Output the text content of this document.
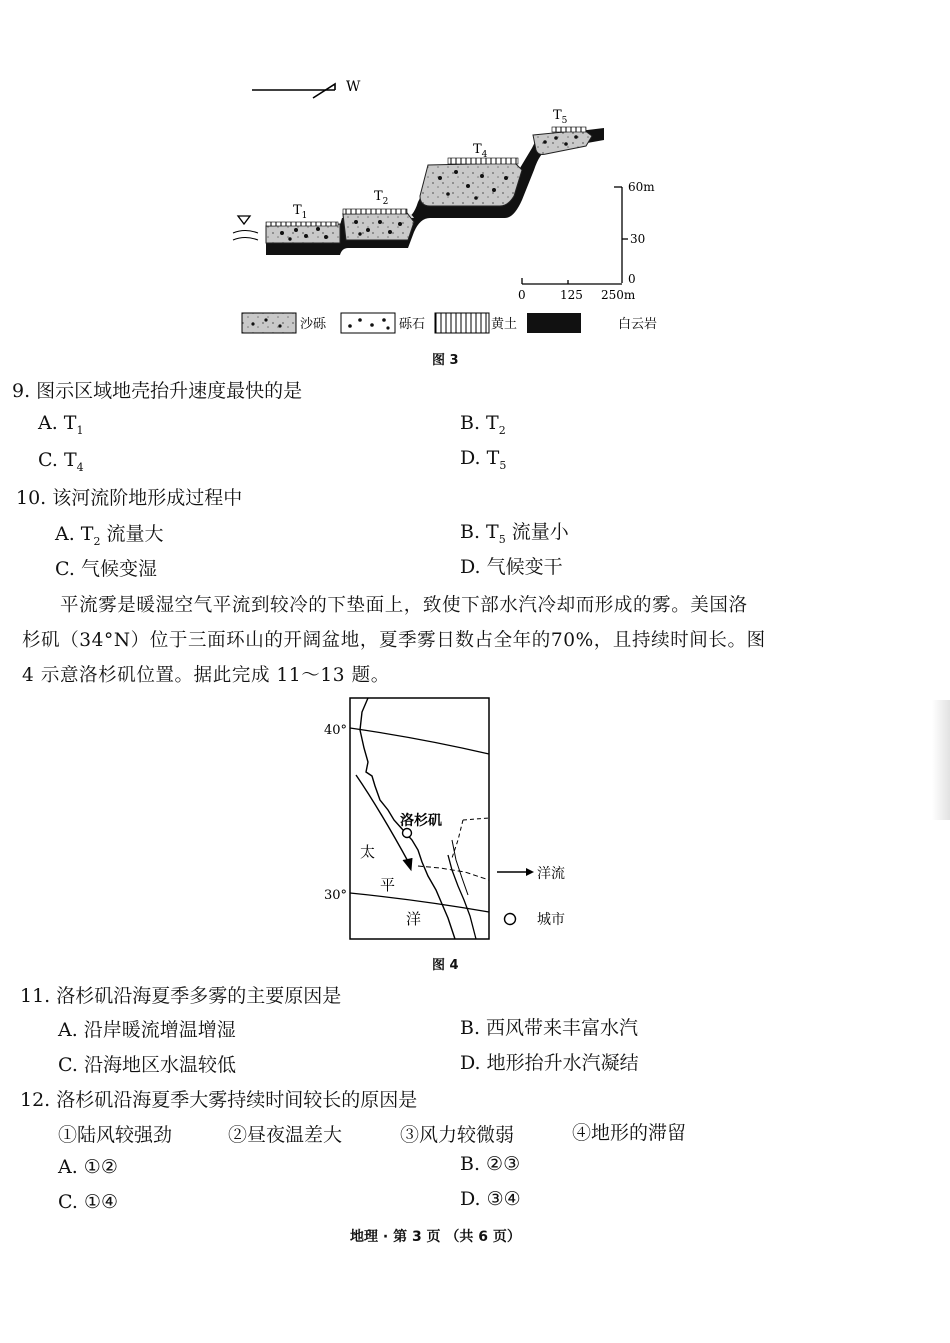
W
$T_1$
$T_2$
$T_4$
$T_5$
60m
30
0
0	125 250m
沙砾	砾石	黄土	白云岩
图 3
9. 图示区域地壳抬升速度最快的是
A. $T_1$	B. $T_2$
C. $T_4$	D. $T_5$
10. 该河流阶地形成过程中
A. $T_2$ 流量大	B. $T_5$ 流量小
C. 气候变湿	D. 气候变干
平流雾是暖湿空气平流到较冷的下垫面上，致使下部水汽冷却而形成的雾。美国洛
杉矶（34°N）位于三面环山的开阔盆地，夏季雾日数占全年的70%，且持续时间长。图
4 示意洛杉矶位置。据此完成 11～13 题。
洛杉矶
太
平
洋
40°
30°
洋流
城市
图 4
11. 洛杉矶沿海夏季多雾的主要原因是
A. 沿岸暖流增温增湿	B. 西风带来丰富水汽
C. 沿海地区水温较低	D. 地形抬升水汽凝结
12. 洛杉矶沿海夏季大雾持续时间较长的原因是
①陆风较强劲	②昼夜温差大	③风力较微弱	④地形的滞留
A. ①②	B. ②③
C. ①④	D. ③④
地理 · 第 3 页 （共 6 页）
